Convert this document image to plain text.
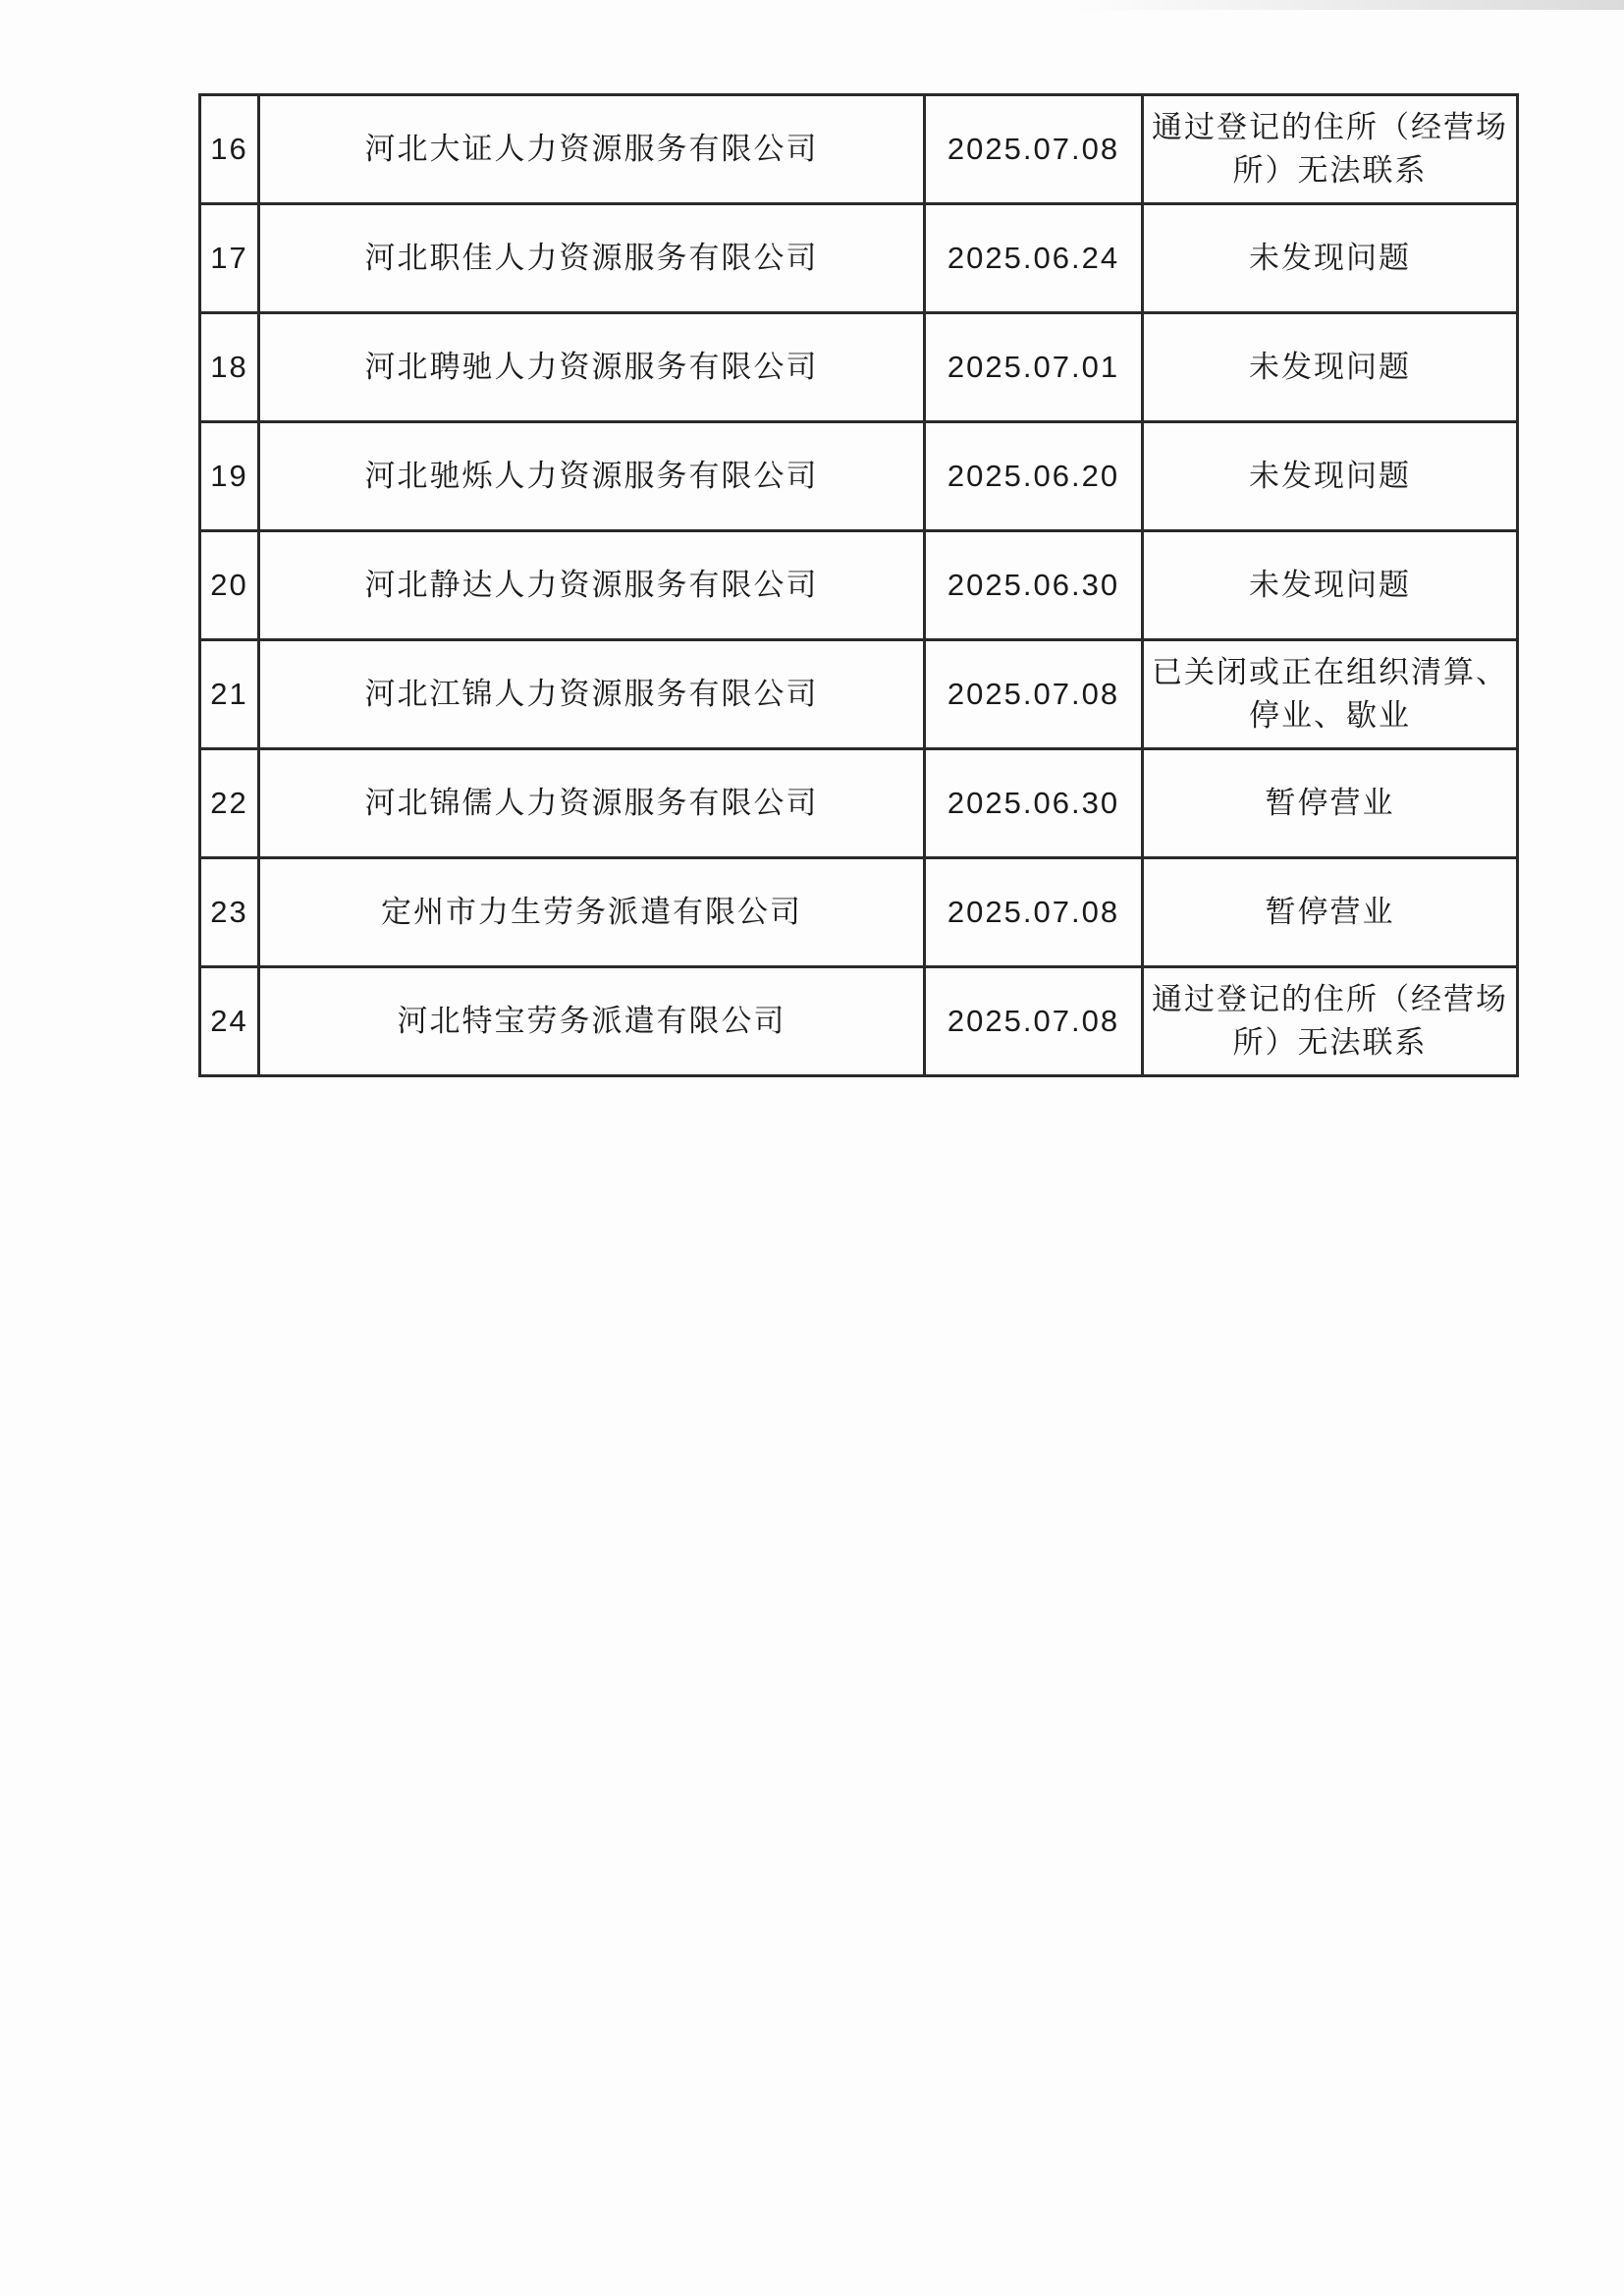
16	河北大证人力资源服务有限公司	2025.07.08	通过登记的住所（经营场所）无法联系
17	河北职佳人力资源服务有限公司	2025.06.24	未发现问题
18	河北聘驰人力资源服务有限公司	2025.07.01	未发现问题
19	河北驰烁人力资源服务有限公司	2025.06.20	未发现问题
20	河北静达人力资源服务有限公司	2025.06.30	未发现问题
21	河北江锦人力资源服务有限公司	2025.07.08	已关闭或正在组织清算、停业、歇业
22	河北锦儒人力资源服务有限公司	2025.06.30	暂停营业
23	定州市力生劳务派遣有限公司	2025.07.08	暂停营业
24	河北特宝劳务派遣有限公司	2025.07.08	通过登记的住所（经营场所）无法联系
